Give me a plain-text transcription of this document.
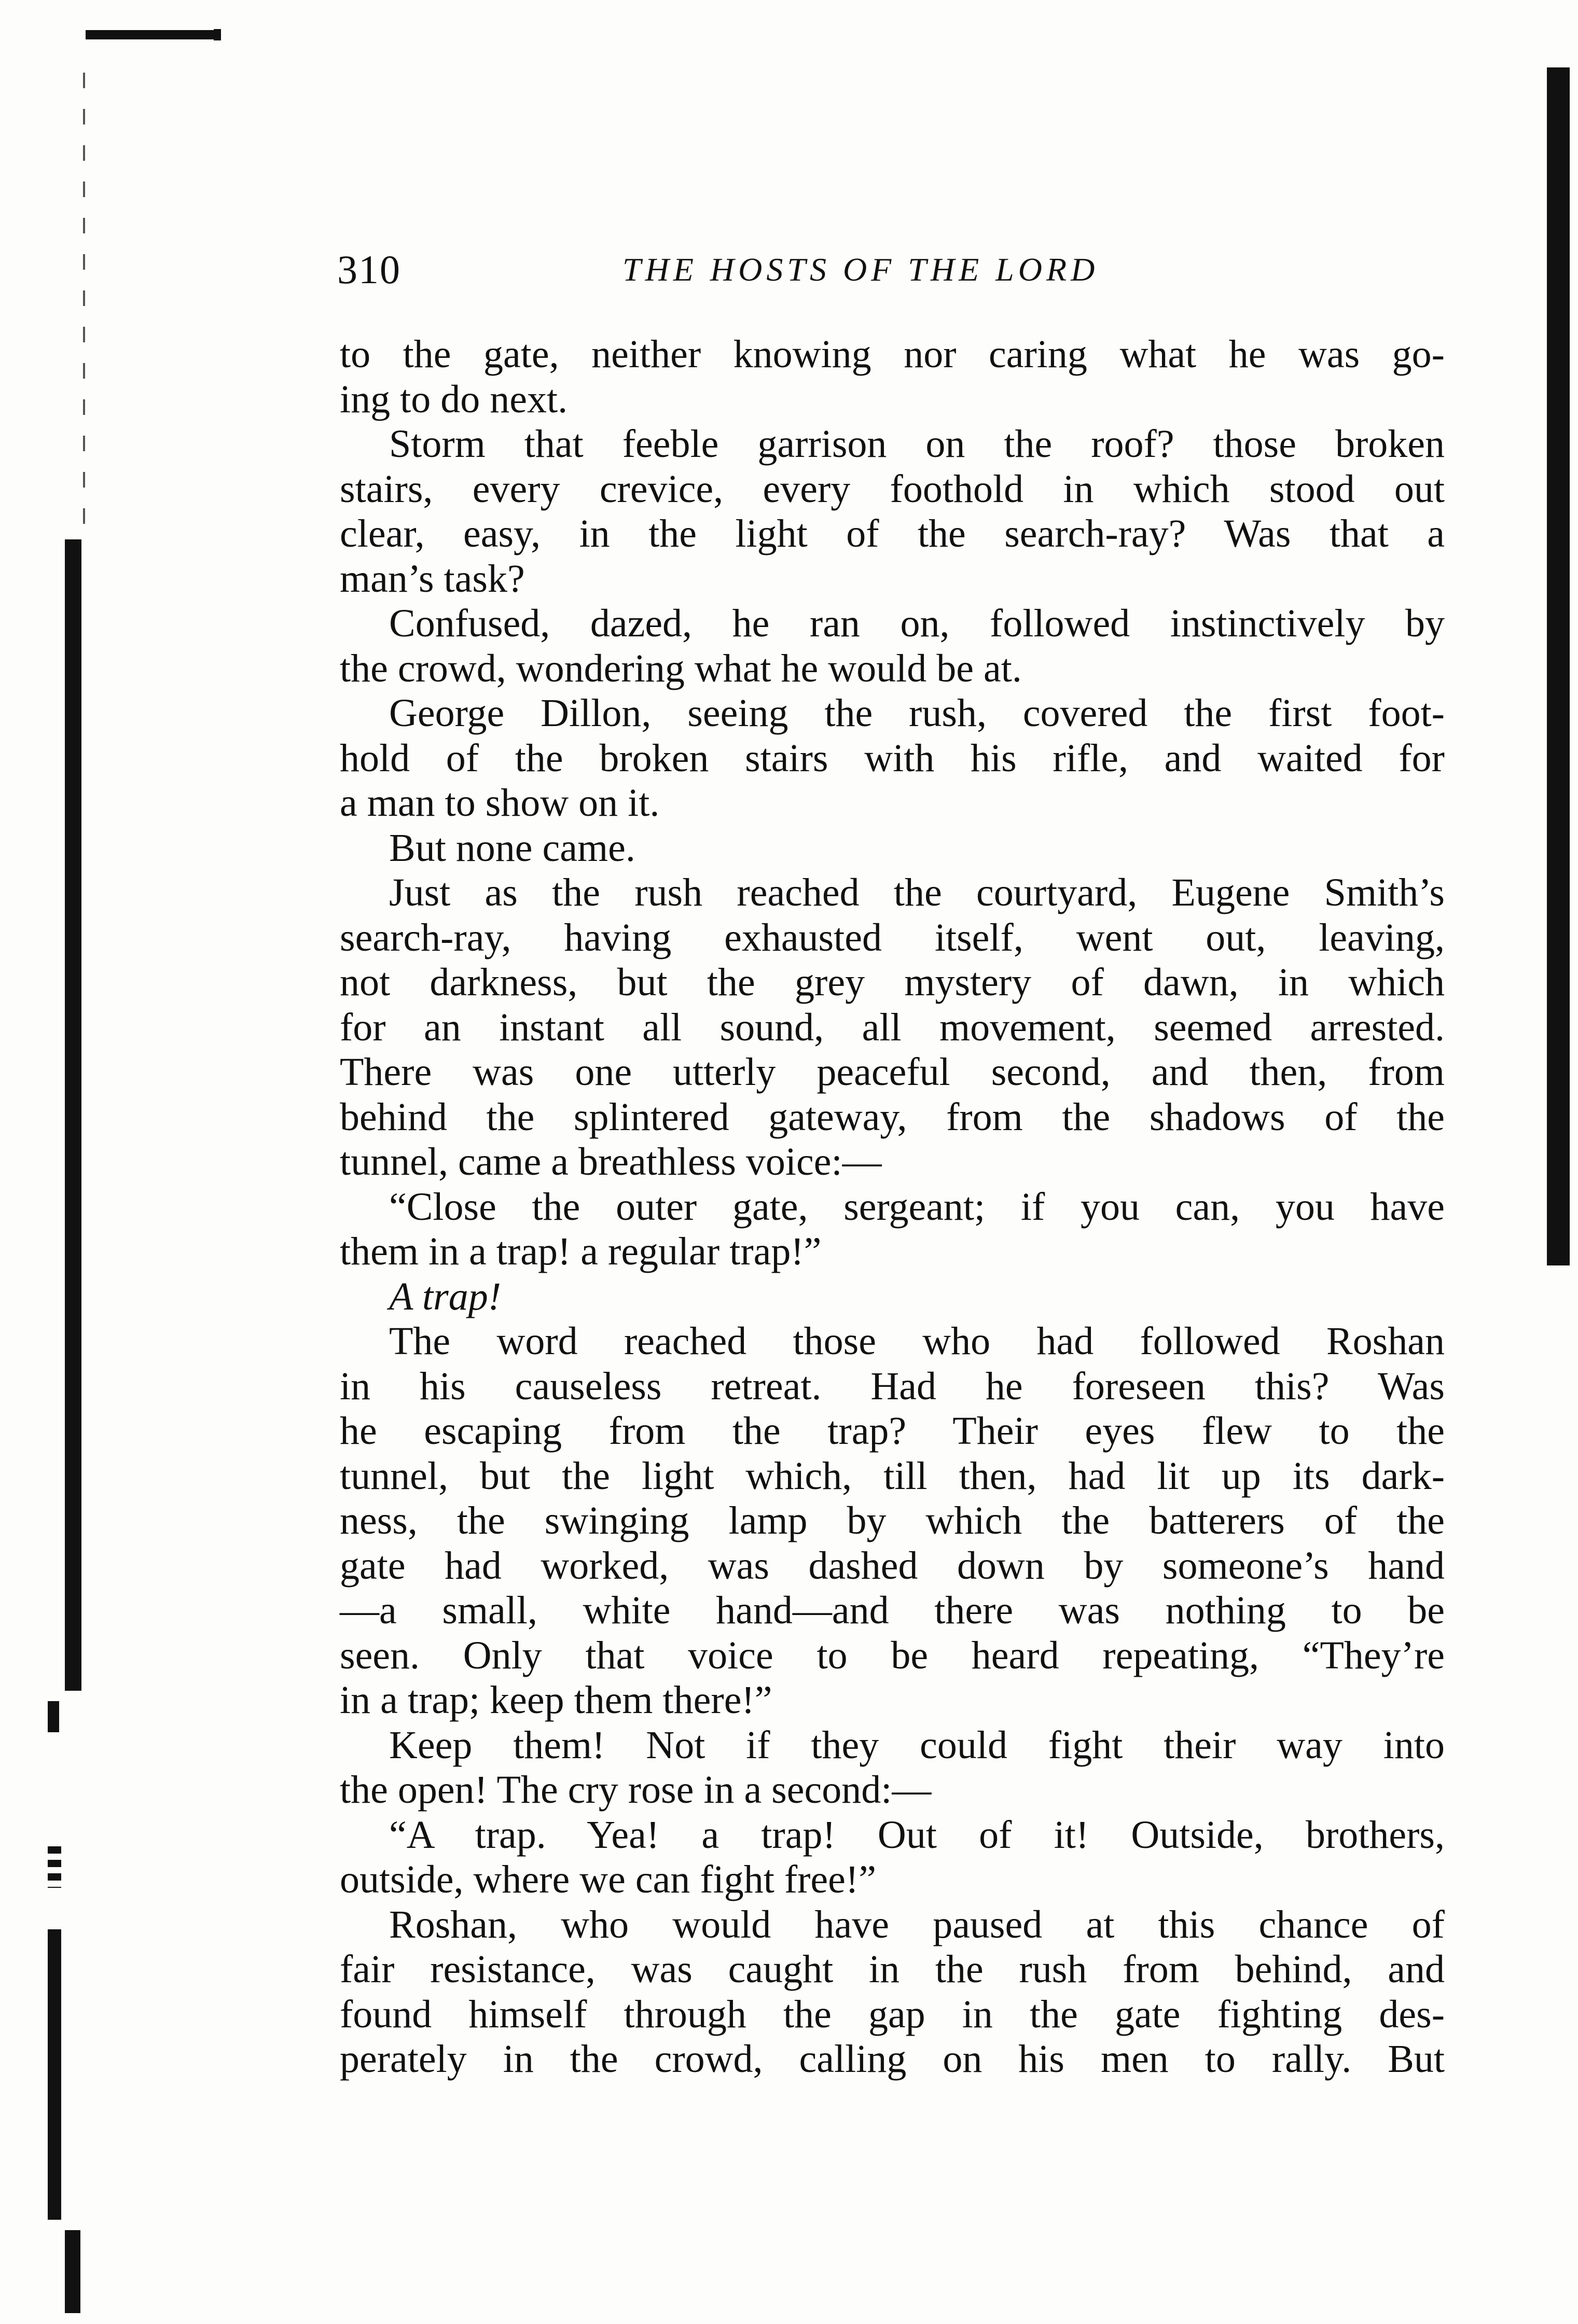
310	THE HOSTS OF THE LORD
to the gate, neither knowing nor caring what he was go-
ing to do next.
Storm that feeble garrison on the roof? those broken
stairs, every crevice, every foothold in which stood out
clear, easy, in the light of the search-ray? Was that a
man’s task?
Confused, dazed, he ran on, followed instinctively by
the crowd, wondering what he would be at.
George Dillon, seeing the rush, covered the first foot-
hold of the broken stairs with his rifle, and waited for
a man to show on it.
But none came.
Just as the rush reached the courtyard, Eugene Smith’s
search-ray, having exhausted itself, went out, leaving,
not darkness, but the grey mystery of dawn, in which
for an instant all sound, all movement, seemed arrested.
There was one utterly peaceful second, and then, from
behind the splintered gateway, from the shadows of the
tunnel, came a breathless voice:—
“Close the outer gate, sergeant; if you can, you have
them in a trap! a regular trap!”
A trap!
The word reached those who had followed Roshan
in his causeless retreat. Had he foreseen this? Was
he escaping from the trap? Their eyes flew to the
tunnel, but the light which, till then, had lit up its dark-
ness, the swinging lamp by which the batterers of the
gate had worked, was dashed down by someone’s hand
—a small, white hand—and there was nothing to be
seen. Only that voice to be heard repeating, “They’re
in a trap; keep them there!”
Keep them! Not if they could fight their way into
the open! The cry rose in a second:—
“A trap. Yea! a trap! Out of it! Outside, brothers,
outside, where we can fight free!”
Roshan, who would have paused at this chance of
fair resistance, was caught in the rush from behind, and
found himself through the gap in the gate fighting des-
perately in the crowd, calling on his men to rally. But
